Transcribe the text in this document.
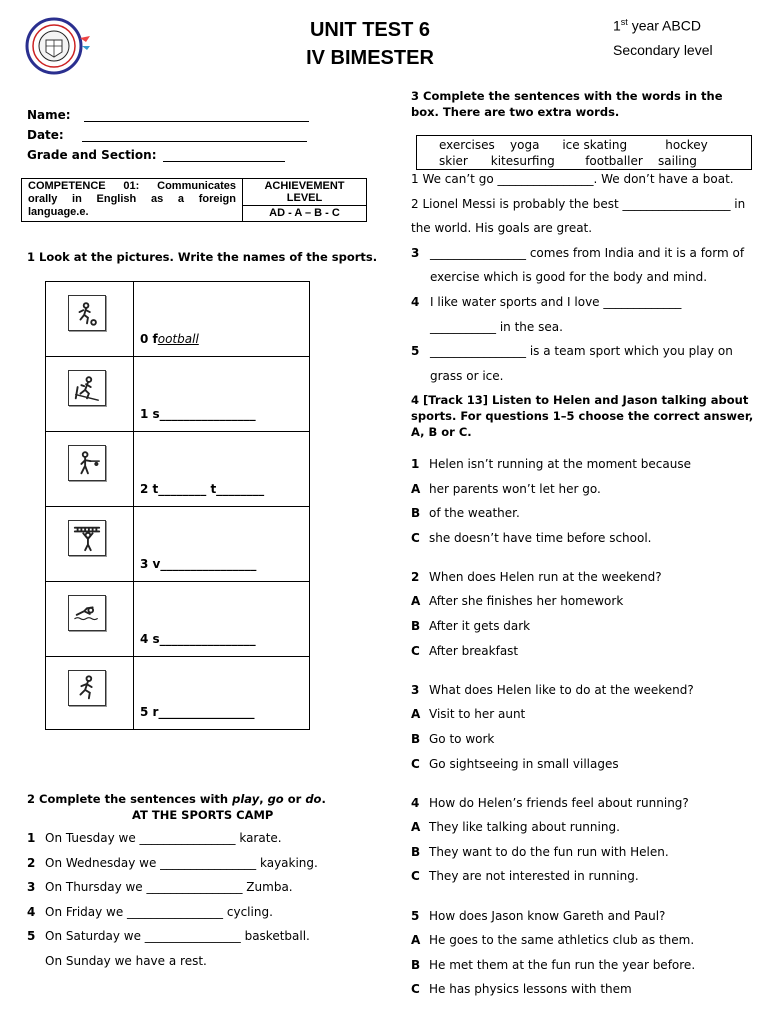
UNIT TEST 6
IV BIMESTER
1st year ABCD
Secondary level
Name:
Date:
Grade and Section:
COMPETENCE 01: Communicates orally in English as a foreign language.e.	ACHIEVEMENT LEVEL
AD - A – B - C
1 Look at the pictures. Write the names of the sports.
	0 football

	1 s________________

	2 t________ t________

	3 v________________

	4 s________________

	5 r________________
2 Complete the sentences with play, go or do.
AT THE SPORTS CAMP
1 On Tuesday we ________________ karate.
2 On Wednesday we ________________ kayaking.
3 On Thursday we ________________ Zumba.
4 On Friday we ________________ cycling.
5 On Saturday we ________________ basketball.
On Sunday we have a rest.
3 Complete the sentences with the words in the box. There are two extra words.
exercises    yoga      ice skating          hockey
skier      kitesurfing        footballer    sailing
1 We can’t go ________________. We don’t have a boat.
2 Lionel Messi is probably the best __________________ in
the world. His goals are great.
3 ________________ comes from India and it is a form of
exercise which is good for the body and mind.
4 I like water sports and I love _____________
___________ in the sea.
5 ________________ is a team sport which you play on
grass or ice.
4 [Track 13] Listen to Helen and Jason talking about sports. For questions 1–5 choose the correct answer, A, B or C.
1 Helen isn’t running at the moment because
A her parents won’t let her go.
B of the weather.
C she doesn’t have time before school.
2 When does Helen run at the weekend?
A After she finishes her homework
B After it gets dark
C After breakfast
3 What does Helen like to do at the weekend?
A Visit to her aunt
B Go to work
C Go sightseeing in small villages
4 How do Helen’s friends feel about running?
A They like talking about running.
B They want to do the fun run with Helen.
C They are not interested in running.
5 How does Jason know Gareth and Paul?
A He goes to the same athletics club as them.
B He met them at the fun run the year before.
C He has physics lessons with them
